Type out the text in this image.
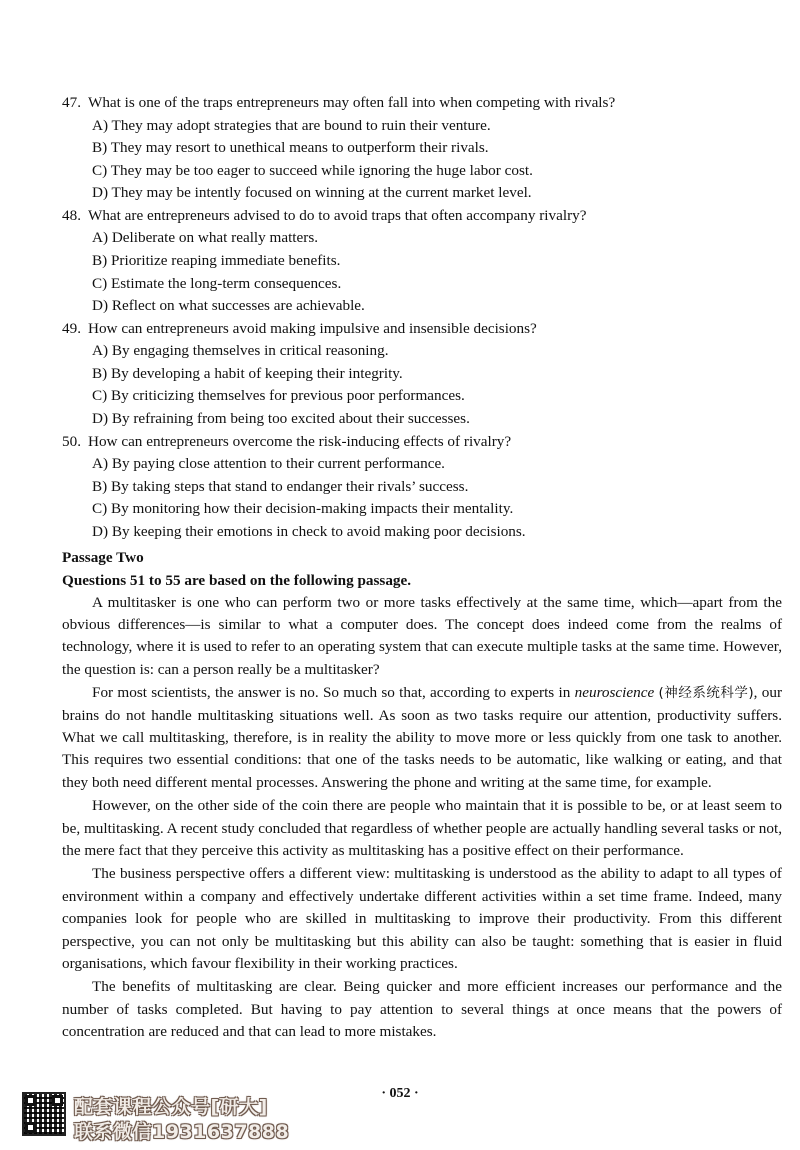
47. What is one of the traps entrepreneurs may often fall into when competing with rivals?

A) They may adopt strategies that are bound to ruin their venture.

B) They may resort to unethical means to outperform their rivals.

C) They may be too eager to succeed while ignoring the huge labor cost.

D) They may be intently focused on winning at the current market level.

48. What are entrepreneurs advised to do to avoid traps that often accompany rivalry?

A) Deliberate on what really matters.

B) Prioritize reaping immediate benefits.

C) Estimate the long-term consequences.

D) Reflect on what successes are achievable.

49. How can entrepreneurs avoid making impulsive and insensible decisions?

A) By engaging themselves in critical reasoning.

B) By developing a habit of keeping their integrity.

C) By criticizing themselves for previous poor performances.

D) By refraining from being too excited about their successes.

50. How can entrepreneurs overcome the risk-inducing effects of rivalry?

A) By paying close attention to their current performance.

B) By taking steps that stand to endanger their rivals’ success.

C) By monitoring how their decision-making impacts their mentality.

D) By keeping their emotions in check to avoid making poor decisions.

Passage Two

Questions 51 to 55 are based on the following passage.

A multitasker is one who can perform two or more tasks effectively at the same time, which—apart from the obvious differences—is similar to what a computer does. The concept does indeed come from the realms of technology, where it is used to refer to an operating system that can execute multiple tasks at the same time. However, the question is: can a person really be a multitasker?

For most scientists, the answer is no. So much so that, according to experts in neuroscience (神经系统科学), our brains do not handle multitasking situations well. As soon as two tasks require our attention, productivity suffers. What we call multitasking, therefore, is in reality the ability to move more or less quickly from one task to another. This requires two essential conditions: that one of the tasks needs to be automatic, like walking or eating, and that they both need different mental processes. Answering the phone and writing at the same time, for example.

However, on the other side of the coin there are people who maintain that it is possible to be, or at least seem to be, multitasking. A recent study concluded that regardless of whether people are actually handling several tasks or not, the mere fact that they perceive this activity as multitasking has a positive effect on their performance.

The business perspective offers a different view: multitasking is understood as the ability to adapt to all types of environment within a company and effectively undertake different activities within a set time frame. Indeed, many companies look for people who are skilled in multitasking to improve their productivity. From this different perspective, you can not only be multitasking but this ability can also be taught: something that is easier in fluid organisations, which favour flexibility in their working practices.

The benefits of multitasking are clear. Being quicker and more efficient increases our performance and the number of tasks completed. But having to pay attention to several things at once means that the powers of concentration are reduced and that can lead to more mistakes.

· 052 ·
配套课程公众号[研大]
联系微信1931637888
